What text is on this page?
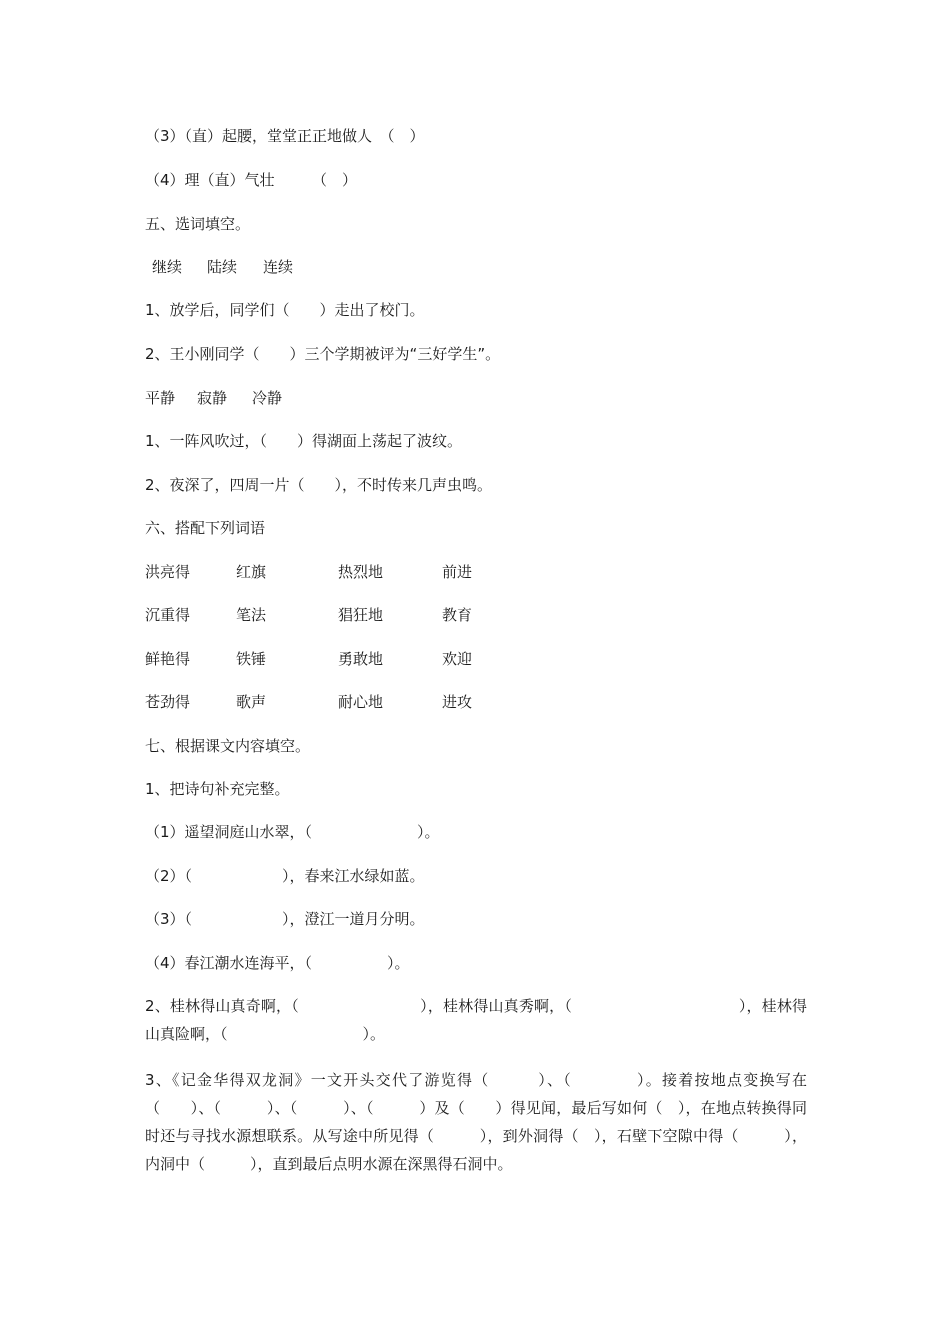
（3）（直）起腰，堂堂正正地做人　（　）
（4）理（直）气壮　　　（　）
五、选词填空。
继续 陆续 连续
1、放学后，同学们（　　）走出了校门。
2、王小刚同学（　　）三个学期被评为“三好学生”。
平静 寂静 冷静
1、一阵风吹过，（　　）得湖面上荡起了波纹。
2、夜深了，四周一片（　　），不时传来几声虫鸣。
六、搭配下列词语
洪亮得	红旗	热烈地	前进
沉重得	笔法	猖狂地	教育
鲜艳得	铁锤	勇敢地	欢迎
苍劲得	歌声	耐心地	进攻
七、根据课文内容填空。
1、把诗句补充完整。
（1）遥望洞庭山水翠，（　　　　　　　）。
（2）（　　　　　　），春来江水绿如蓝。
（3）（　　　　　　），澄江一道月分明。
（4）春江潮水连海平，（　　　　　）。
2、桂林得山真奇啊，（　　　　　　　　），桂林得山真秀啊，（　　　　　　　　　　　），桂林得山真险啊，（　　　　　　　　　）。
3、《记金华得双龙洞》一文开头交代了游览得（　　　）、（　　　　）。接着按地点变换写在（　　）、（　　　）、（　　　）、（　　　）及（　　）得见闻，最后写如何（　），在地点转换得同时还与寻找水源想联系。从写途中所见得（　　　），到外洞得（　），石壁下空隙中得（　　　），内洞中（　　　），直到最后点明水源在深黑得石洞中。
